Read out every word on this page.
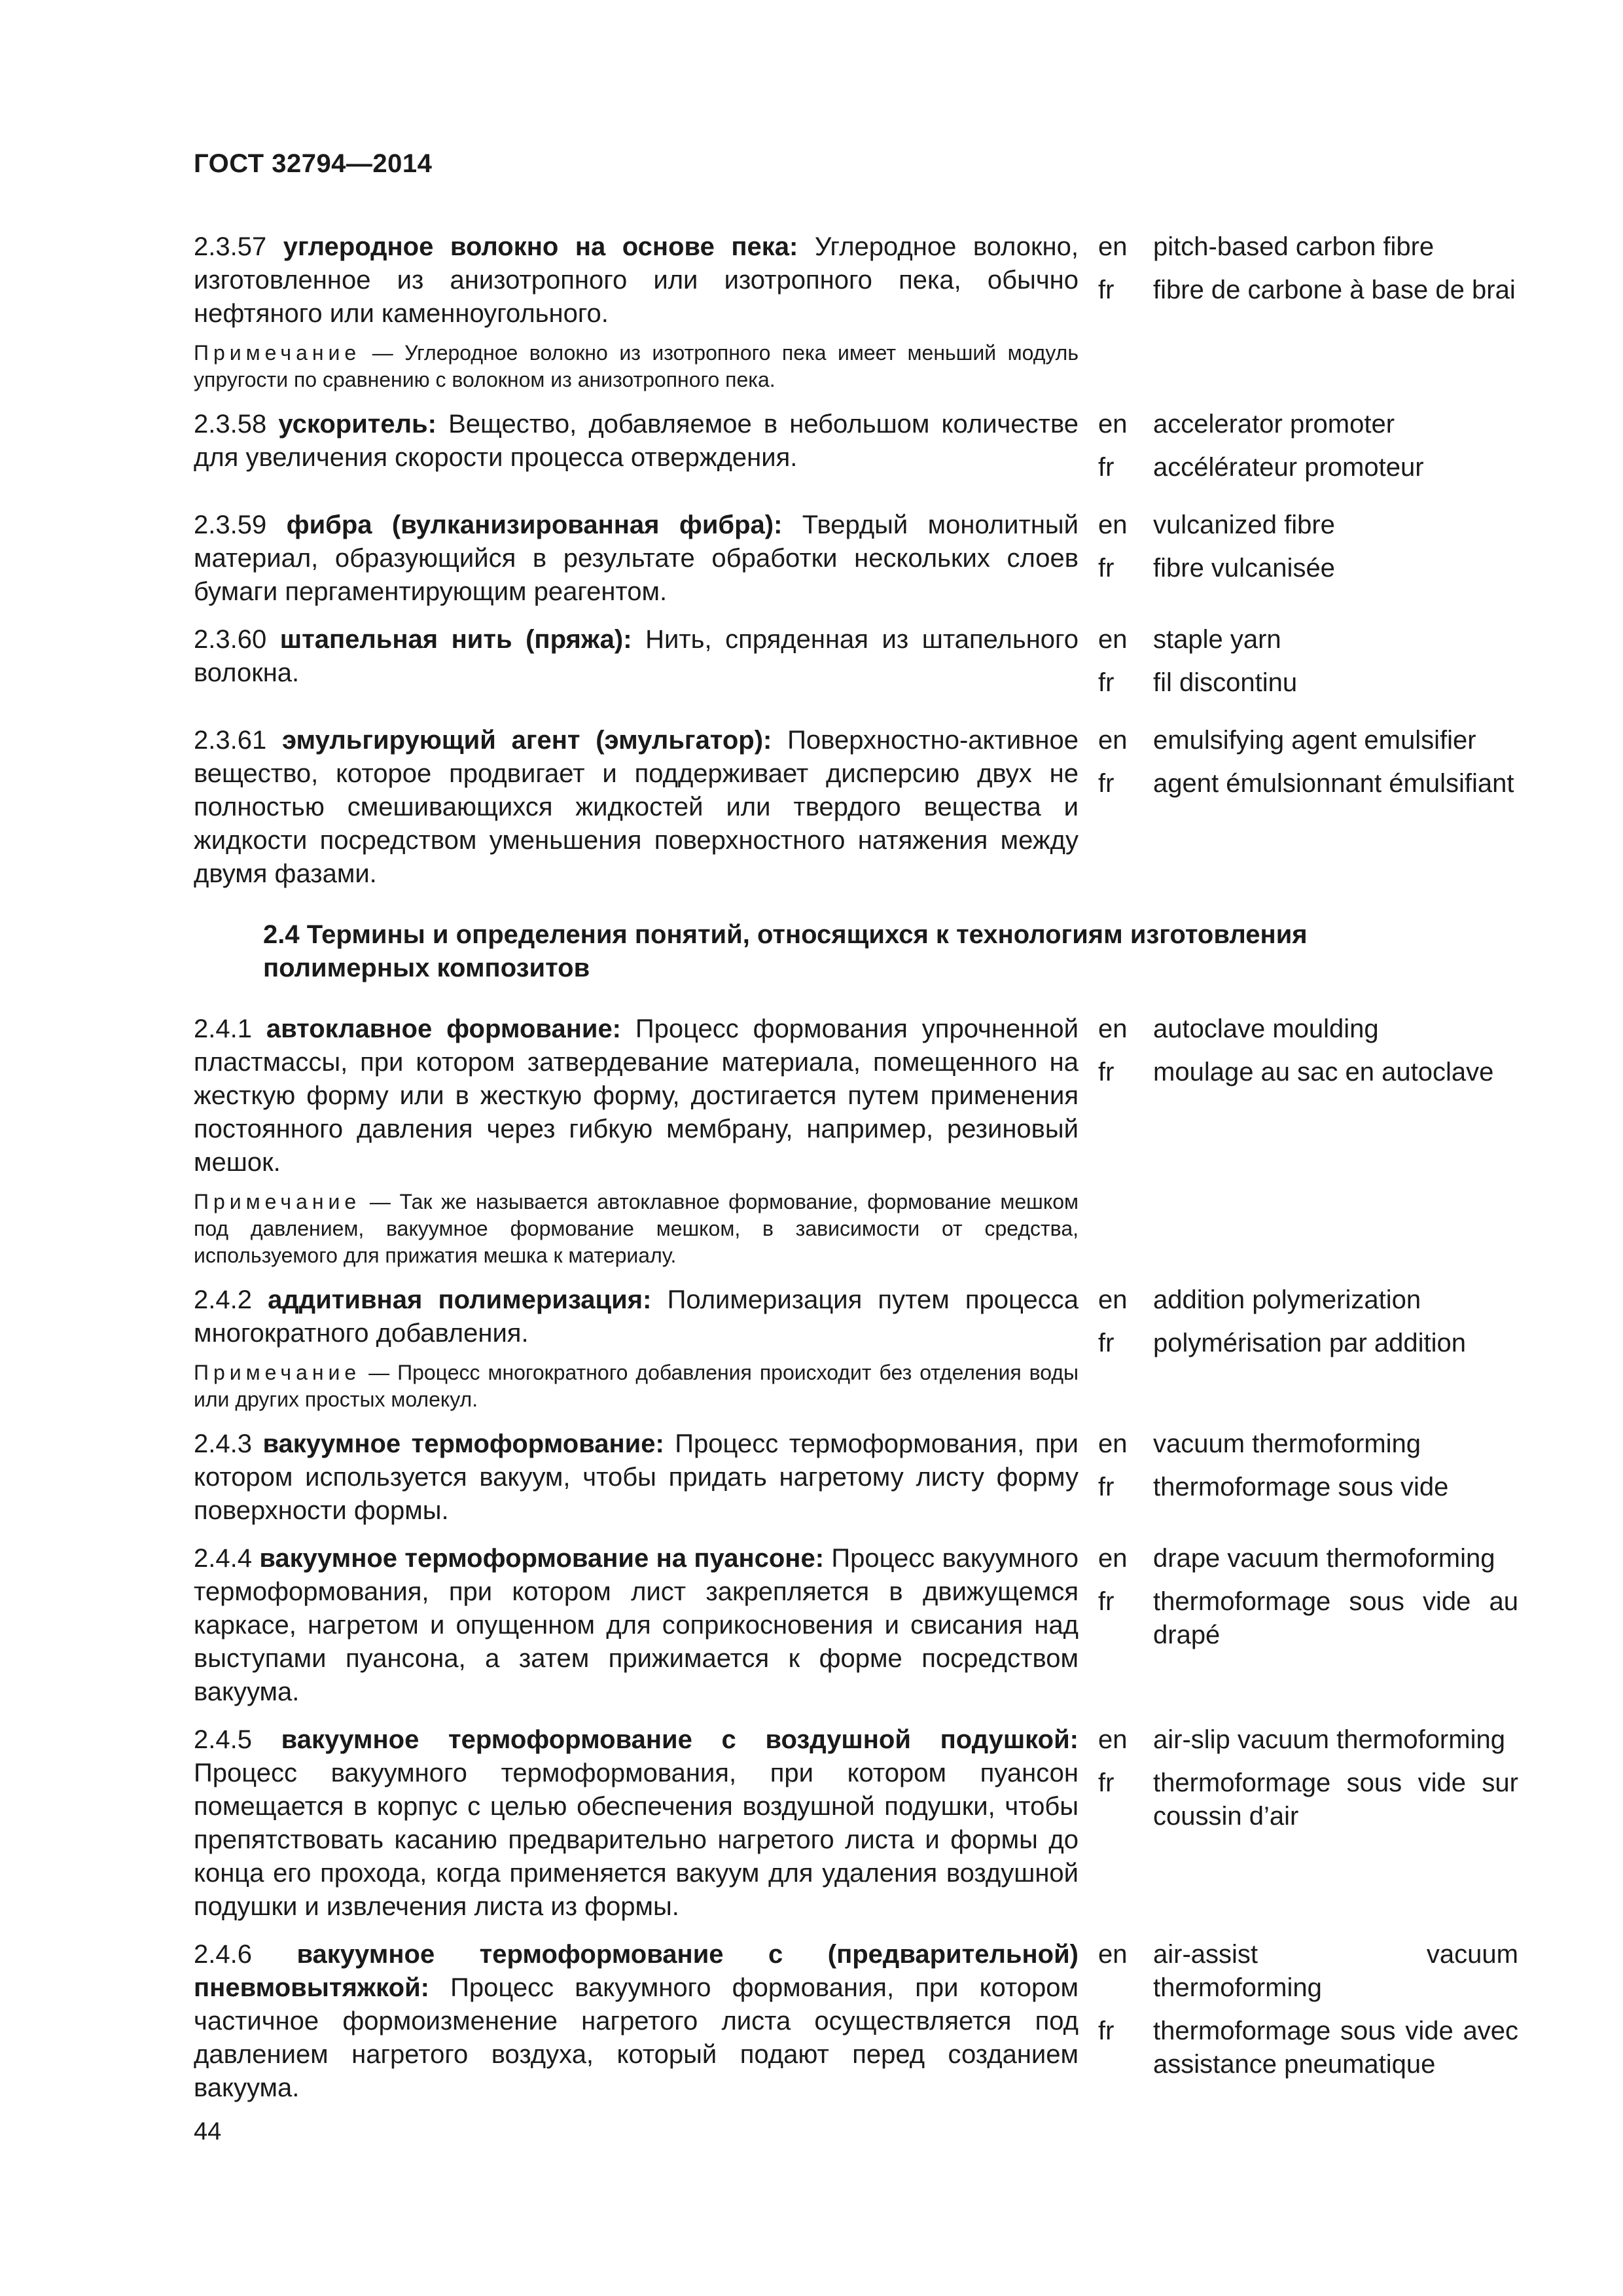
ГОСТ 32794—2014
2.3.57 углеродное волокно на основе пека: Углеродное волокно, изготовленное из анизотропного или изотропного пека, обычно нефтяного или каменноугольного.
Примечание — Углеродное волокно из изотропного пека имеет меньший модуль упругости по сравнению с волокном из анизотропного пека.
en pitch-based carbon fibre
fr	fibre de carbone à base de brai
2.3.58 ускоритель: Вещество, добавляемое в небольшом количестве для увеличения скорости процесса отверждения.
en accelerator promoter
fr	accélérateur promoteur
2.3.59 фибра (вулканизированная фибра): Твердый монолитный материал, образующийся в результате обработки нескольких слоев бумаги пергаментирующим реагентом.
en vulcanized fibre
fr	fibre vulcanisée
2.3.60 штапельная нить (пряжа): Нить, спряденная из штапельного волокна.
en staple yarn
fr	fil discontinu
2.3.61 эмульгирующий агент (эмульгатор): Поверхностно-активное вещество, которое продвигает и поддерживает дисперсию двух не полностью смешивающихся жидкостей или твердого вещества и жидкости посредством уменьшения поверхностного натяжения между двумя фазами.
en emulsifying agent emulsifier
fr	agent émulsionnant émulsifiant
2.4 Термины и определения понятий, относящихся к технологиям изготовления полимерных композитов
2.4.1 автоклавное формование: Процесс формования упрочненной пластмассы, при котором затвердевание материала, помещенного на жесткую форму или в жесткую форму, достигается путем применения постоянного давления через гибкую мембрану, например, резиновый мешок.
Примечание — Так же называется автоклавное формование, формование мешком под давлением, вакуумное формование мешком, в зависимости от средства, используемого для прижатия мешка к материалу.
en autoclave moulding
fr	moulage au sac en autoclave
2.4.2 аддитивная полимеризация: Полимеризация путем процесса многократного добавления.
Примечание — Процесс многократного добавления происходит без отделения воды или других простых молекул.
en addition polymerization
fr	polymérisation par addition
2.4.3 вакуумное термоформование: Процесс термоформования, при котором используется вакуум, чтобы придать нагретому листу форму поверхности формы.
en vacuum thermoforming
fr	thermoformage sous vide
2.4.4 вакуумное термоформование на пуансоне: Процесс вакуумного термоформования, при котором лист закрепляется в движущемся каркасе, нагретом и опущенном для соприкосновения и свисания над выступами пуансона, а затем прижимается к форме посредством вакуума.
en drape vacuum thermoforming
fr	thermoformage sous vide au drapé
2.4.5 вакуумное термоформование с воздушной подушкой: Процесс вакуумного термоформования, при котором пуансон помещается в корпус с целью обеспечения воздушной подушки, чтобы препятствовать касанию предварительно нагретого листа и формы до конца его прохода, когда применяется вакуум для удаления воздушной подушки и извлечения листа из формы.
en air-slip vacuum thermoforming
fr	thermoformage sous vide sur coussin d’air
2.4.6 вакуумное термоформование с (предварительной) пневмовытяжкой: Процесс вакуумного формования, при котором частичное формоизменение нагретого листа осуществляется под давлением нагретого воздуха, который подают перед созданием вакуума.
en air-assist vacuum thermoforming
fr	thermoformage sous vide avec assistance pneumatique
44
